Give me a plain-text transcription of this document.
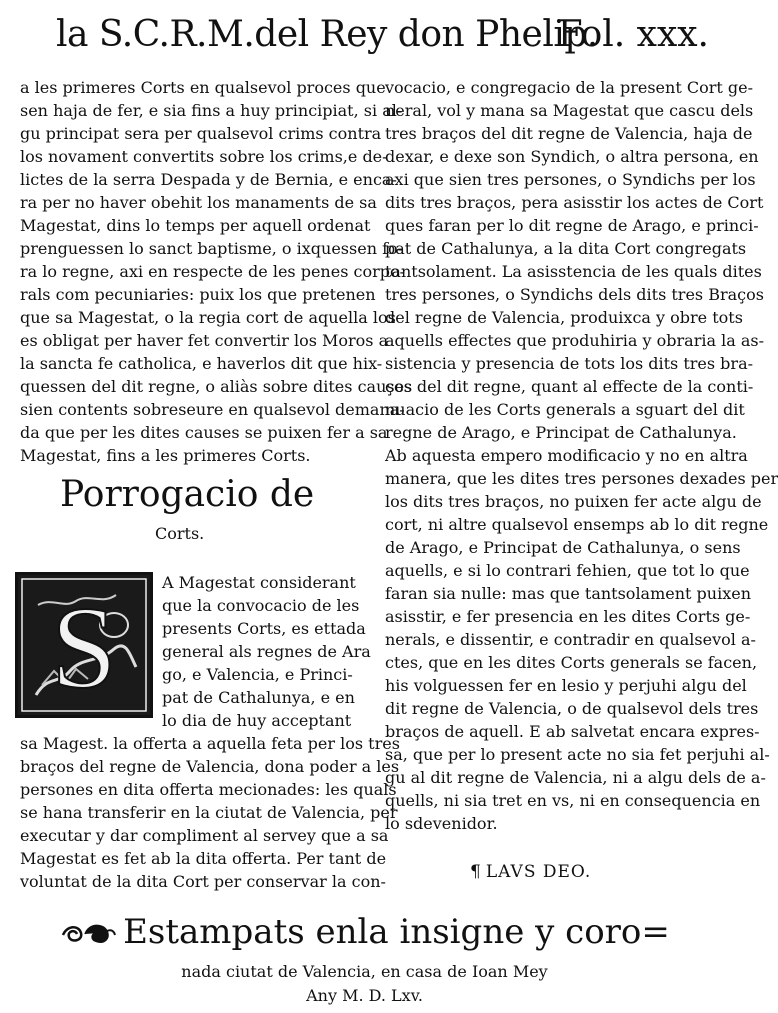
la S.C.R.M.del Rey don Phelip.
Fol. xxx.
a les primeres Corts en qualsevol proces que
sen haja de fer, e sia fins a huy principiat, si al-
gu principat sera per qualsevol crims contra
los novament convertits sobre los crims,e de-
lictes de la serra Despada y de Bernia, e enca-
ra per no haver obehit los manaments de sa
Magestat, dins lo temps per aquell ordenat
prenguessen lo sanct baptisme, o ixquessen fo-
ra lo regne, axi en respecte de les penes corpo-
rals com pecuniaries: puix los que pretenen
que sa Magestat, o la regia cort de aquella los
es obligat per haver fet convertir los Moros a
la sancta fe catholica, e haverlos dit que hix-
quessen del dit regne, o aliàs sobre dites causes
sien contents sobreseure en qualsevol demana-
da que per les dites causes se puixen fer a sa
Magestat, fins a les primeres Corts.
Porrogacio de
Corts.
S	A Magestat considerant
que la convocacio de les
presents Corts, es ettada
general als regnes de Ara
go, e Valencia, e Princi-
pat de Cathalunya, e en
lo dia de huy acceptant
sa Magest. la offerta a aquella feta per los tres
braços del regne de Valencia, dona poder a les
persones en dita offerta mecionades: les quals
se hana transferir en la ciutat de Valencia, per
executar y dar compliment al servey que a sa
Magestat es fet ab la dita offerta. Per tant de
voluntat de la dita Cort per conservar la con-
vocacio, e congregacio de la present Cort ge-
neral, vol y mana sa Magestat que cascu dels
tres braços del dit regne de Valencia, haja de
dexar, e dexe son Syndich, o altra persona, en
axi que sien tres persones, o Syndichs per los
dits tres braços, pera asisstir los actes de Cort
ques faran per lo dit regne de Arago, e princi-
pat de Cathalunya, a la dita Cort congregats
tantsolament. La asisstencia de les quals dites
tres persones, o Syndichs dels dits tres Braços
del regne de Valencia, produixca y obre tots
aquells effectes que produhiria y obraria la as-
sistencia y presencia de tots los dits tres bra-
ços del dit regne, quant al effecte de la conti-
nuacio de les Corts generals a sguart del dit
regne de Arago, e Principat de Cathalunya.
Ab aquesta empero modificacio y no en altra
manera, que les dites tres persones dexades per
los dits tres braços, no puixen fer acte algu de
cort, ni altre qualsevol ensemps ab lo dit regne
de Arago, e Principat de Cathalunya, o sens
aquells, e si lo contrari fehien, que tot lo que
faran sia nulle: mas que tantsolament puixen
asisstir, e fer presencia en les dites Corts ge-
nerals, e dissentir, e contradir en qualsevol a-
ctes, que en les dites Corts generals se facen,
his volguessen fer en lesio y perjuhi algu del
dit regne de Valencia, o de qualsevol dels tres
braços de aquell. E ab salvetat encara expres-
sa, que per lo present acte no sia fet perjuhi al-
gu al dit regne de Valencia, ni a algu dels de a-
quells, ni sia tret en vs, ni en consequencia en
lo sdevenidor.
¶ LAVS DEO.
Estampats enla insigne y coro=
nada ciutat de Valencia, en casa de Ioan Mey
Any M. D. Lxv.
